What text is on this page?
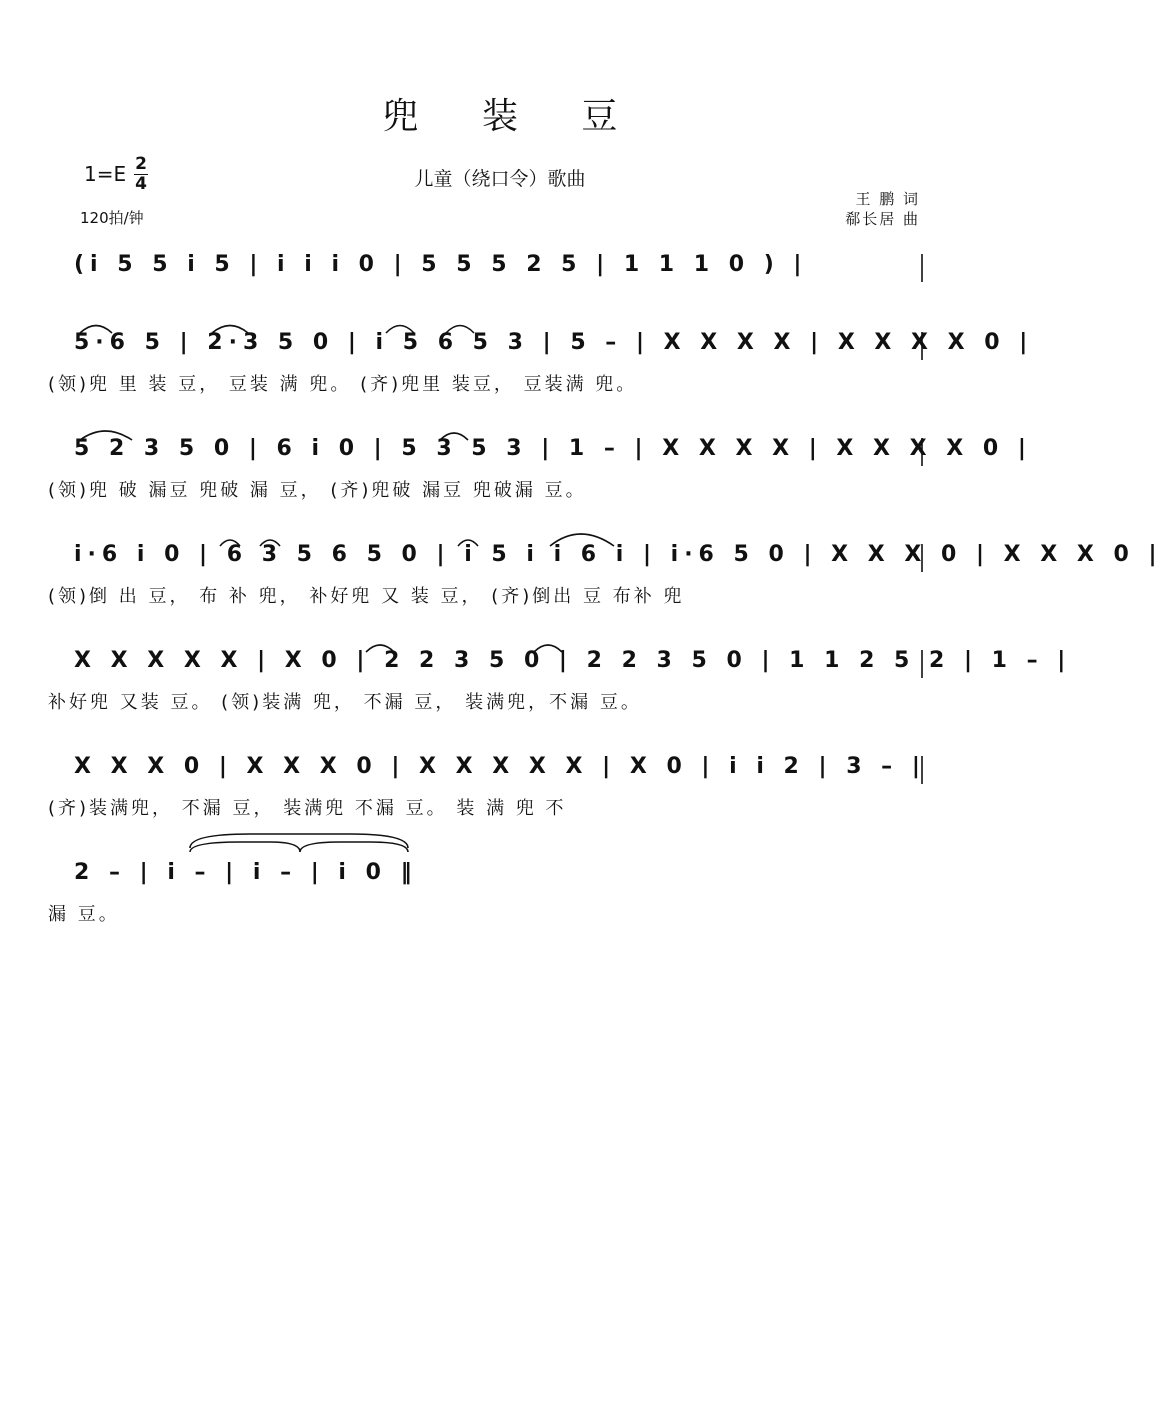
兜 装 豆
1=E 2
4
120拍/钟
儿童（绕口令）歌曲
王 鹏 词
郗长居 曲
(i 5 5 i 5 | i i i 0 | 5 5 5 2 5 | 1 1 1 0 ) |
5·6 5 | 2·3 5 0 | i 5 6 5 3 | 5 – | X X X X | X X X X 0 |
(领)兜 里 装 豆， 豆装 满 兜。 (齐)兜里 装豆， 豆装满 兜。
5 2 3 5 0 | 6 i 0 | 5 3 5 3 | 1 – | X X X X | X X X X 0 |
(领)兜 破 漏豆 兜破 漏 豆， (齐)兜破 漏豆 兜破漏 豆。
i·6 i 0 | 6 3 5 6 5 0 | i 5 i i 6 i | i·6 5 0 | X X X 0 | X X X 0 |
(领)倒 出 豆， 布 补 兜， 补好兜 又 装 豆， (齐)倒出 豆 布补 兜
X X X X X | X 0 | 2 2 3 5 0 | 2 2 3 5 0 | 1 1 2 5 2 | 1 – |
补好兜 又装 豆。 (领)装满 兜， 不漏 豆， 装满兜，不漏 豆。
X X X 0 | X X X 0 | X X X X X | X 0 | i i 2 | 3 – |
(齐)装满兜， 不漏 豆， 装满兜 不漏 豆。 装 满 兜 不
2 – | i – | i – | i 0 ‖
漏 豆。
